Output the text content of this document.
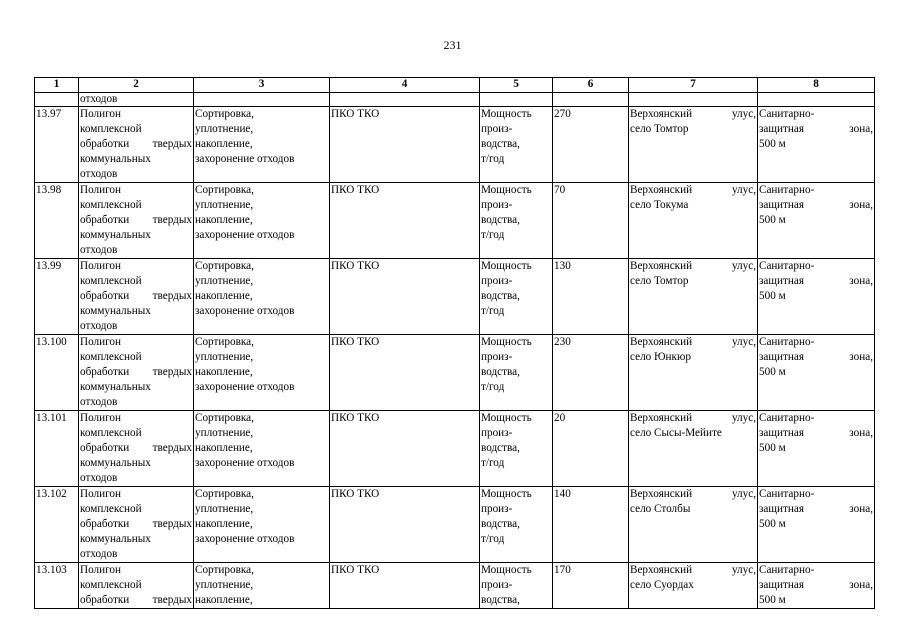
231
1	2	3	4	5	6	7	8

	отходов						

13.97	Полигон
комплексной
обработки твердых
коммунальных
отходов	Сортировка,
уплотнение,
накопление,
захоронение отходов	ПКО ТКО	Мощность
произ-
водства,
т/год	270	Верхоянский улус,
село Томтор	Санитарно-
защитная зона,
500 м

13.98	Полигон
комплексной
обработки твердых
коммунальных
отходов	Сортировка,
уплотнение,
накопление,
захоронение отходов	ПКО ТКО	Мощность
произ-
водства,
т/год	70	Верхоянский улус,
село Токума	Санитарно-
защитная зона,
500 м

13.99	Полигон
комплексной
обработки твердых
коммунальных
отходов	Сортировка,
уплотнение,
накопление,
захоронение отходов	ПКО ТКО	Мощность
произ-
водства,
т/год	130	Верхоянский улус,
село Томтор	Санитарно-
защитная зона,
500 м

13.100	Полигон
комплексной
обработки твердых
коммунальных
отходов	Сортировка,
уплотнение,
накопление,
захоронение отходов	ПКО ТКО	Мощность
произ-
водства,
т/год	230	Верхоянский улус,
село Юнкюр	Санитарно-
защитная зона,
500 м

13.101	Полигон
комплексной
обработки твердых
коммунальных
отходов	Сортировка,
уплотнение,
накопление,
захоронение отходов	ПКО ТКО	Мощность
произ-
водства,
т/год	20	Верхоянский улус,
село Сысы-Мейите	Санитарно-
защитная зона,
500 м

13.102	Полигон
комплексной
обработки твердых
коммунальных
отходов	Сортировка,
уплотнение,
накопление,
захоронение отходов	ПКО ТКО	Мощность
произ-
водства,
т/год	140	Верхоянский улус,
село Столбы	Санитарно-
защитная зона,
500 м

13.103	Полигон
комплексной
обработки твердых	Сортировка,
уплотнение,
накопление,	ПКО ТКО	Мощность
произ-
водства,	170	Верхоянский улус,
село Суордах	Санитарно-
защитная зона,
500 м
